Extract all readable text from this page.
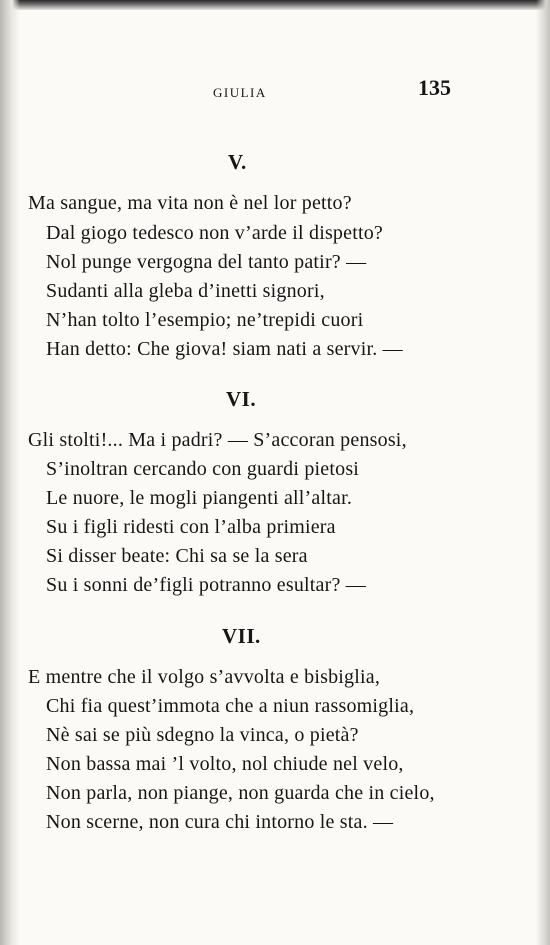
GIULIA	135
V.
Ma sangue, ma vita non è nel lor petto?
Dal giogo tedesco non v’arde il dispetto?
Nol punge vergogna del tanto patir? —
Sudanti alla gleba d’inetti signori,
N’han tolto l’esempio; ne’trepidi cuori
Han detto: Che giova! siam nati a servir. —
VI.
Gli stolti!... Ma i padri? — S’accoran pensosi,
S’inoltran cercando con guardi pietosi
Le nuore, le mogli piangenti all’altar.
Su i figli ridesti con l’alba primiera
Si disser beate: Chi sa se la sera
Su i sonni de’figli potranno esultar? —
VII.
E mentre che il volgo s’avvolta e bisbiglia,
Chi fia quest’immota che a niun rassomiglia,
Nè sai se più sdegno la vinca, o pietà?
Non bassa mai ’l volto, nol chiude nel velo,
Non parla, non piange, non guarda che in cielo,
Non scerne, non cura chi intorno le sta. —
